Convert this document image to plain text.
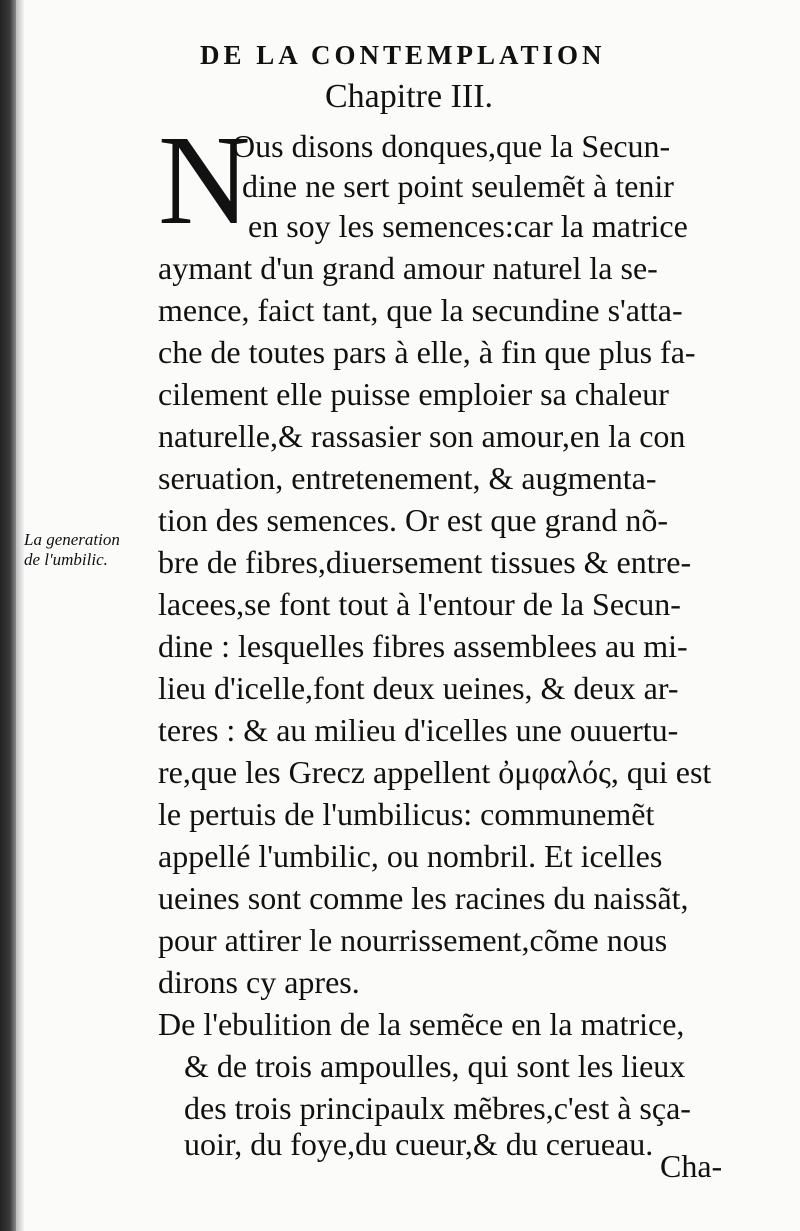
DE LA CONTEMPLATION
Chapitre III.
N
La generation
de l'umbilic.
Ous disons donques,que la Secun-
dine ne sert point seulemẽt à tenir
en soy les semences:car la matrice
aymant d'un grand amour naturel la se-
mence, faict tant, que la secundine s'atta-
che de toutes pars à elle, à fin que plus fa-
cilement elle puisse emploier sa chaleur
naturelle,& rassasier son amour,en la con
seruation, entretenement, & augmenta-
tion des semences. Or est que grand nõ-
bre de fibres,diuersement tissues & entre-
lacees,se font tout à l'entour de la Secun-
dine : lesquelles fibres assemblees au mi-
lieu d'icelle,font deux ueines, & deux ar-
teres : & au milieu d'icelles une ouuertu-
re,que les Grecz appellent ὀμφαλός, qui est
le pertuis de l'umbilicus: communemẽt
appellé l'umbilic, ou nombril. Et icelles
ueines sont comme les racines du naissãt,
pour attirer le nourrissement,cõme nous
dirons cy apres.
De l'ebulition de la semẽce en la matrice,
& de trois ampoulles, qui sont les lieux
des trois principaulx mẽbres,c'est à sça-
uoir, du foye,du cueur,& du cerueau.
Cha-
